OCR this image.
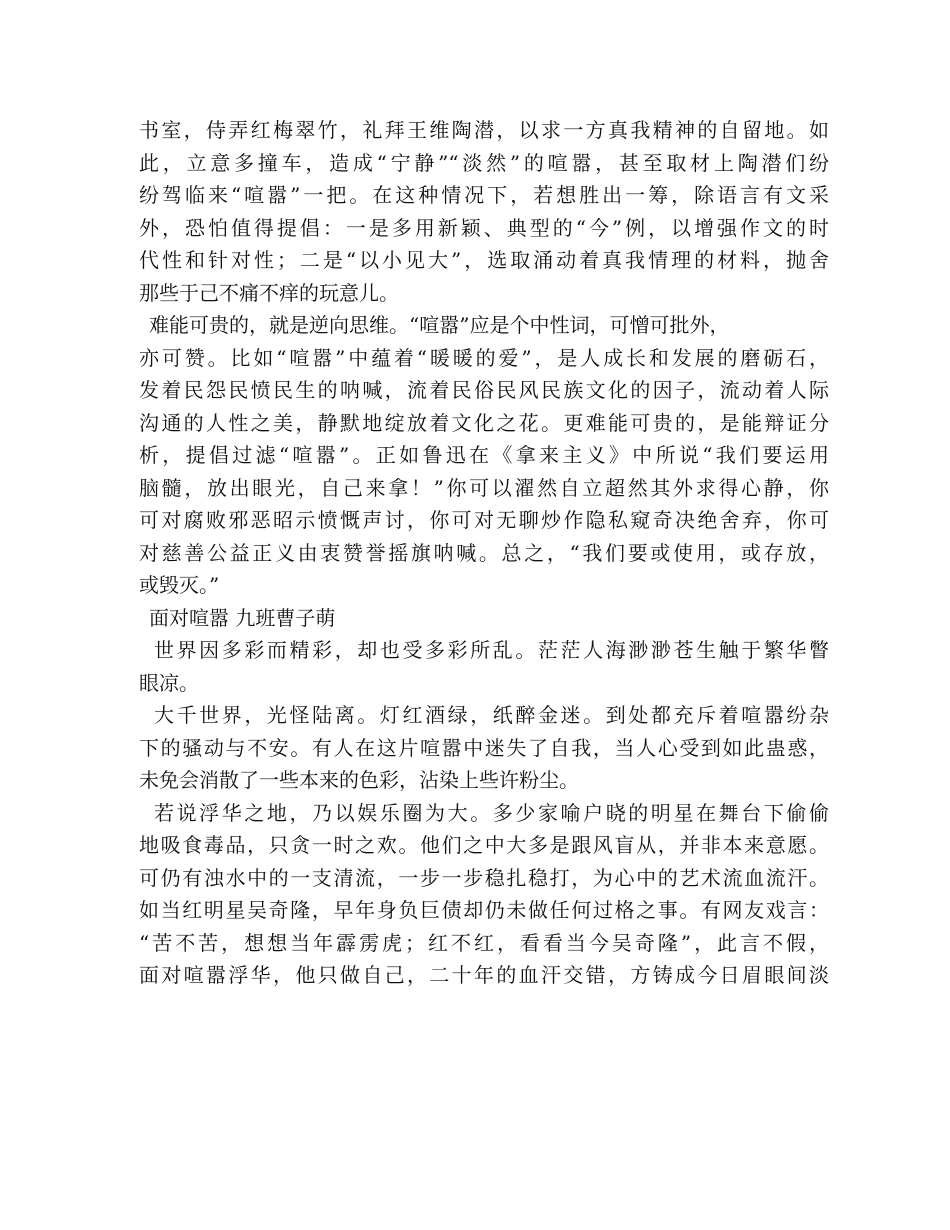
书室，侍弄红梅翠竹，礼拜王维陶潜，以求一方真我精神的自留地。如
此，立意多撞车，造成“宁静”“淡然”的喧嚣，甚至取材上陶潜们纷
纷驾临来“喧嚣”一把。在这种情况下，若想胜出一筹，除语言有文采
外，恐怕值得提倡：一是多用新颖、典型的“今”例，以增强作文的时
代性和针对性；二是“以小见大”，选取涌动着真我情理的材料，抛舍
那些于己不痛不痒的玩意儿。
难能可贵的，就是逆向思维。“喧嚣”应是个中性词，可憎可批外，
亦可赞。比如“喧嚣”中蕴着“暖暖的爱”，是人成长和发展的磨砺石，
发着民怨民愤民生的呐喊，流着民俗民风民族文化的因子，流动着人际
沟通的人性之美，静默地绽放着文化之花。更难能可贵的，是能辩证分
析，提倡过滤“喧嚣”。正如鲁迅在《拿来主义》中所说“我们要运用
脑髓，放出眼光，自己来拿！”你可以濯然自立超然其外求得心静，你
可对腐败邪恶昭示愤慨声讨，你可对无聊炒作隐私窥奇决绝舍弃，你可
对慈善公益正义由衷赞誉摇旗呐喊。总之，“我们要或使用，或存放，
或毁灭。”
面对喧嚣 九班曹子萌
世界因多彩而精彩，却也受多彩所乱。茫茫人海渺渺苍生触于繁华瞥
眼凉。
大千世界，光怪陆离。灯红酒绿，纸醉金迷。到处都充斥着喧嚣纷杂
下的骚动与不安。有人在这片喧嚣中迷失了自我，当人心受到如此蛊惑，
未免会消散了一些本来的色彩，沾染上些许粉尘。
若说浮华之地，乃以娱乐圈为大。多少家喻户晓的明星在舞台下偷偷
地吸食毒品，只贪一时之欢。他们之中大多是跟风盲从，并非本来意愿。
可仍有浊水中的一支清流，一步一步稳扎稳打，为心中的艺术流血流汗。
如当红明星吴奇隆，早年身负巨债却仍未做任何过格之事。有网友戏言：
“苦不苦，想想当年霹雳虎；红不红，看看当今吴奇隆”，此言不假，
面对喧嚣浮华，他只做自己，二十年的血汗交错，方铸成今日眉眼间淡
